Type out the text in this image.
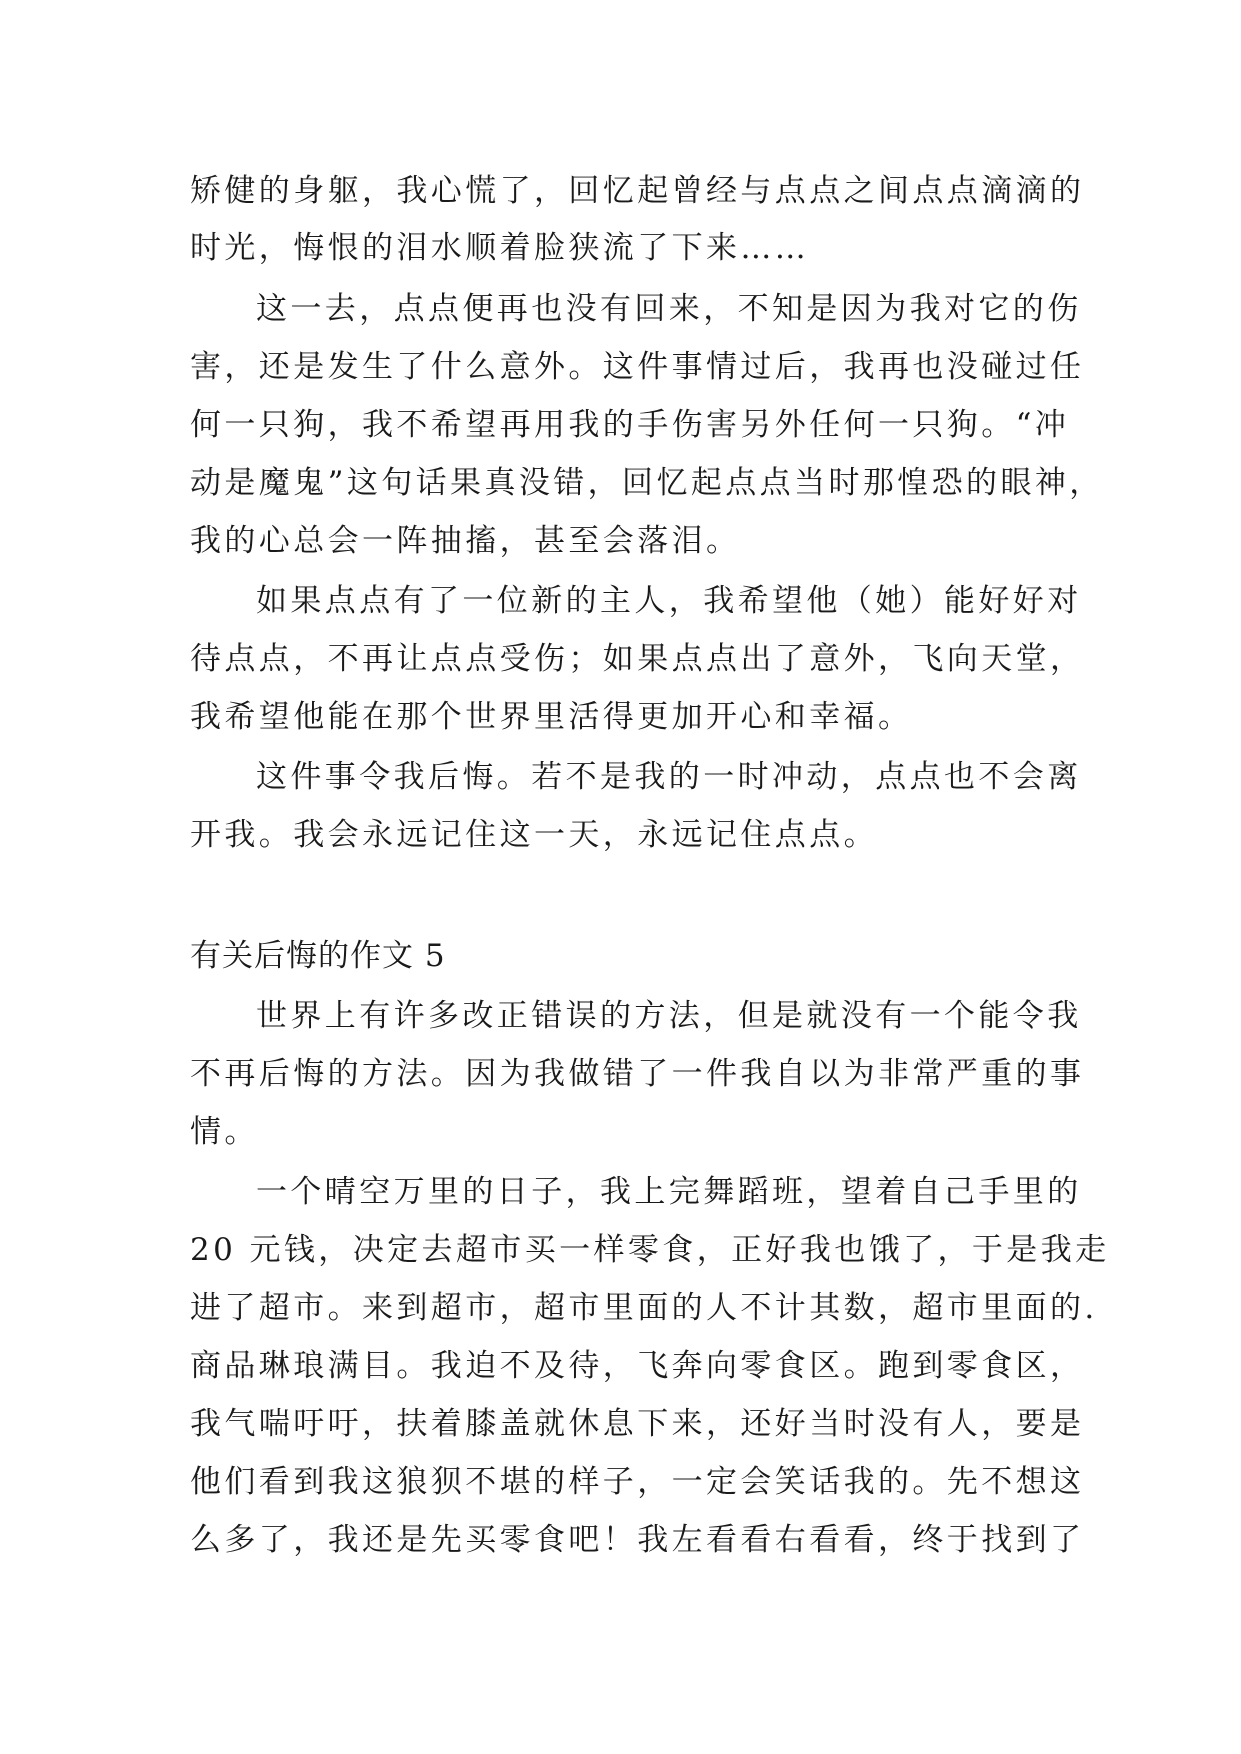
矫健的身躯，我心慌了，回忆起曾经与点点之间点点滴滴的
时光，悔恨的泪水顺着脸狭流了下来……
这一去，点点便再也没有回来，不知是因为我对它的伤
害，还是发生了什么意外。这件事情过后，我再也没碰过任
何一只狗，我不希望再用我的手伤害另外任何一只狗。“冲
动是魔鬼”这句话果真没错，回忆起点点当时那惶恐的眼神，
我的心总会一阵抽搐，甚至会落泪。
如果点点有了一位新的主人，我希望他（她）能好好对
待点点，不再让点点受伤；如果点点出了意外，飞向天堂，
我希望他能在那个世界里活得更加开心和幸福。
这件事令我后悔。若不是我的一时冲动，点点也不会离
开我。我会永远记住这一天，永远记住点点。
有关后悔的作文 5
世界上有许多改正错误的方法，但是就没有一个能令我
不再后悔的方法。因为我做错了一件我自以为非常严重的事
情。
一个晴空万里的日子，我上完舞蹈班，望着自己手里的
20 元钱，决定去超市买一样零食，正好我也饿了，于是我走
进了超市。来到超市，超市里面的人不计其数，超市里面的.
商品琳琅满目。我迫不及待，飞奔向零食区。跑到零食区，
我气喘吁吁，扶着膝盖就休息下来，还好当时没有人，要是
他们看到我这狼狈不堪的样子，一定会笑话我的。先不想这
么多了，我还是先买零食吧！我左看看右看看，终于找到了
